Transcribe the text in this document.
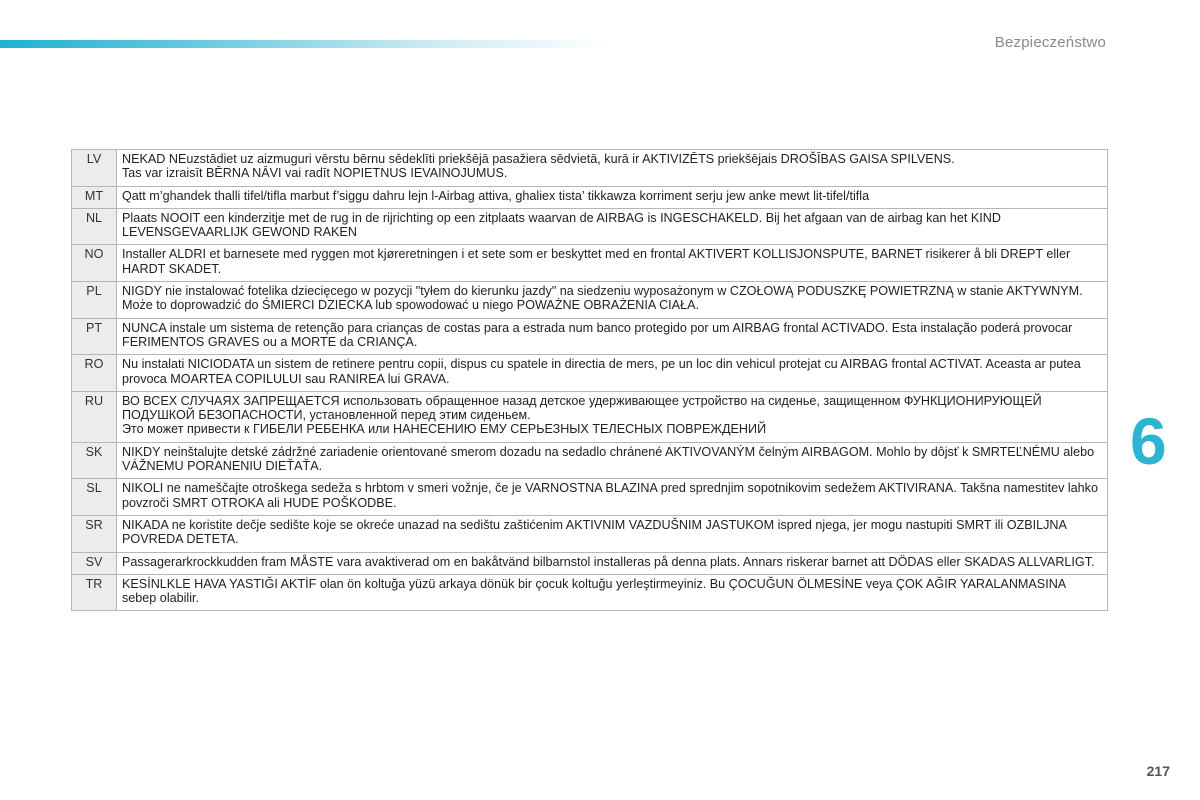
Bezpieczeństwo
LV	NEKAD NEuzstādiet uz aizmuguri vērstu bērnu sēdeklīti priekšējā pasažiera sēdvietā, kurā ir AKTIVIZĒTS priekšējais DROŠĪBAS GAISA SPILVENS.
Tas var izraisīt BĒRNA NĀVI vai radīt NOPIETNUS IEVAINOJUMUS.
MT	Qatt m’ghandek thalli tifel/tifla marbut f’siggu dahru lejn l-Airbag attiva, ghaliex tista’ tikkawza korriment serju jew anke mewt lit-tifel/tifla
NL	Plaats NOOIT een kinderzitje met de rug in de rijrichting op een zitplaats waarvan de AIRBAG is INGESCHAKELD. Bij het afgaan van de airbag kan het KIND LEVENSGEVAARLIJK GEWOND RAKEN
NO	Installer ALDRI et barnesete med ryggen mot kjøreretningen i et sete som er beskyttet med en frontal AKTIVERT KOLLISJONSPUTE, BARNET risikerer å bli DREPT eller HARDT SKADET.
PL	NIGDY nie instalować fotelika dziecięcego w pozycji "tyłem do kierunku jazdy" na siedzeniu wyposażonym w CZOŁOWĄ PODUSZKĘ POWIETRZNĄ w stanie AKTYWNYM. Może to doprowadzić do ŚMIERCI DZIECKA lub spowodować u niego POWAŻNE OBRAŻENIA CIAŁA.
PT	NUNCA instale um sistema de retenção para crianças de costas para a estrada num banco protegido por um AIRBAG frontal ACTIVADO. Esta instalação poderá provocar FERIMENTOS GRAVES ou a MORTE da CRIANÇA.
RO	Nu instalati NICIODATA un sistem de retinere pentru copii, dispus cu spatele in directia de mers, pe un loc din vehicul protejat cu AIRBAG frontal ACTIVAT. Aceasta ar putea provoca MOARTEA COPILULUI sau RANIREA lui GRAVA.
RU	ВО ВСЕХ СЛУЧАЯХ ЗАПРЕЩАЕТСЯ использовать обращенное назад детское удерживающее устройство на сиденье, защищенном ФУНКЦИОНИРУЮЩЕЙ ПОДУШКОЙ БЕЗОПАСНОСТИ, установленной перед этим сиденьем.
Это может привести к ГИБЕЛИ РЕБЕНКА или НАНЕСЕНИЮ ЕМУ СЕРЬЕЗНЫХ ТЕЛЕСНЫХ ПОВРЕЖДЕНИЙ
SK	NIKDY neinštalujte detské zádržné zariadenie orientované smerom dozadu na sedadlo chránené AKTIVOVANÝM čelným AIRBAGOM. Mohlo by dôjsť k SMRTEĽNÉMU alebo VÁŽNEMU PORANENIU DIEŤAŤA.
SL	NIKOLI ne nameščajte otroškega sedeža s hrbtom v smeri vožnje, če je VARNOSTNA BLAZINA pred sprednjim sopotnikovim sedežem AKTIVIRANA. Takšna namestitev lahko povzroči SMRT OTROKA ali HUDE POŠKODBE.
SR	NIKADA ne koristite dečje sedište koje se okreće unazad na sedištu zaštićenim AKTIVNIM VAZDUŠNIM JASTUKOM ispred njega, jer mogu nastupiti SMRT ili OZBILJNA POVREDA DETETA.
SV	Passagerarkrockkudden fram MÅSTE vara avaktiverad om en bakåtvänd bilbarnstol installeras på denna plats. Annars riskerar barnet att DÖDAS eller SKADAS ALLVARLIGT.
TR	KESİNLKLE HAVA YASTIĞI AKTİF olan ön koltuğa yüzü arkaya dönük bir çocuk koltuğu yerleştirmeyiniz. Bu ÇOCUĞUN ÖLMESİNE veya ÇOK AĞIR YARALANMASINA sebep olabilir.
6
217
